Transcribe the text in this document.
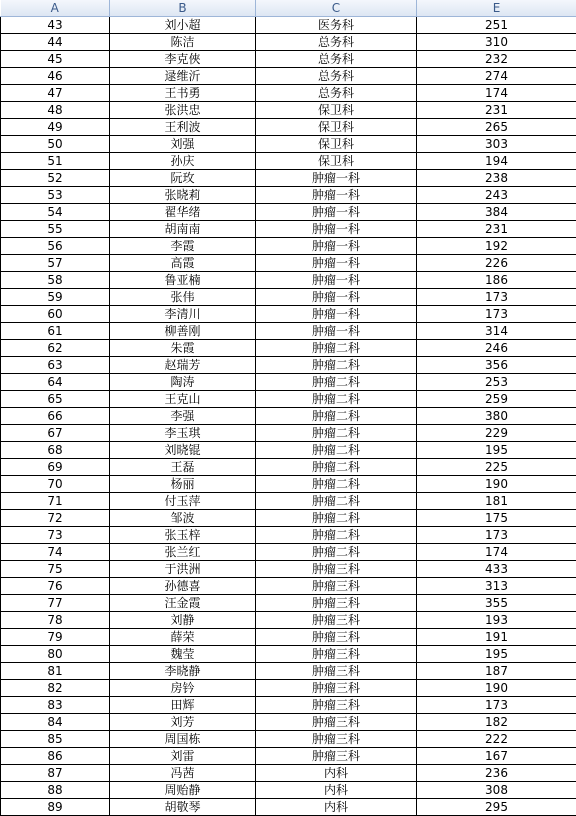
A	B	C	E
43	刘小超	医务科	251
44	陈洁	总务科	310
45	李克俠	总务科	232
46	逯维沂	总务科	274
47	王书勇	总务科	174
48	张洪忠	保卫科	231
49	王利波	保卫科	265
50	刘强	保卫科	303
51	孙庆	保卫科	194
52	阮玫	肿瘤一科	238
53	张晓莉	肿瘤一科	243
54	翟华绪	肿瘤一科	384
55	胡南南	肿瘤一科	231
56	李霞	肿瘤一科	192
57	高霞	肿瘤一科	226
58	鲁亚楠	肿瘤一科	186
59	张伟	肿瘤一科	173
60	李清川	肿瘤一科	173
61	柳善刚	肿瘤一科	314
62	朱霞	肿瘤二科	246
63	赵瑞芳	肿瘤二科	356
64	陶涛	肿瘤二科	253
65	王克山	肿瘤二科	259
66	李强	肿瘤二科	380
67	李玉琪	肿瘤二科	229
68	刘晓锟	肿瘤二科	195
69	王磊	肿瘤二科	225
70	杨丽	肿瘤二科	190
71	付玉萍	肿瘤二科	181
72	邹波	肿瘤二科	175
73	张玉梓	肿瘤二科	173
74	张兰红	肿瘤二科	174
75	于洪洲	肿瘤三科	433
76	孙德喜	肿瘤三科	313
77	汪金霞	肿瘤三科	355
78	刘静	肿瘤三科	193
79	薛荣	肿瘤三科	191
80	魏莹	肿瘤三科	195
81	李晓静	肿瘤三科	187
82	房钤	肿瘤三科	190
83	田辉	肿瘤三科	173
84	刘芳	肿瘤三科	182
85	周国栋	肿瘤三科	222
86	刘雷	肿瘤三科	167
87	冯茜	内科	236
88	周贻静	内科	308
89	胡敬琴	内科	295
